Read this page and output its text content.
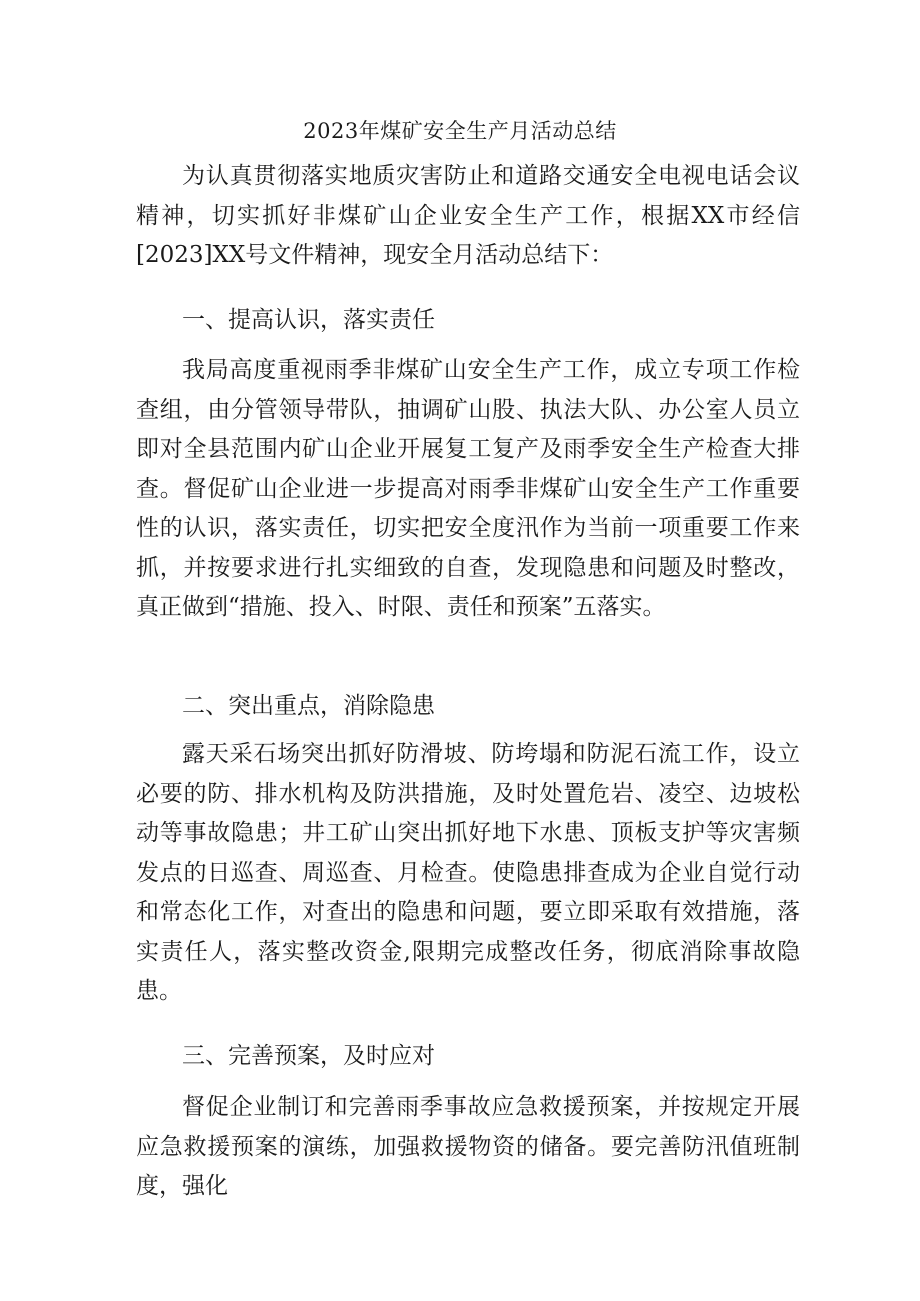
2023年煤矿安全生产月活动总结

为认真贯彻落实地质灾害防止和道路交通安全电视电话会议精神，切实抓好非煤矿山企业安全生产工作，根据XX市经信[2023]XX号文件精神，现安全月活动总结下：

一、提高认识，落实责任

我局高度重视雨季非煤矿山安全生产工作，成立专项工作检查组，由分管领导带队，抽调矿山股、执法大队、办公室人员立即对全县范围内矿山企业开展复工复产及雨季安全生产检查大排查。督促矿山企业进一步提高对雨季非煤矿山安全生产工作重要性的认识，落实责任，切实把安全度汛作为当前一项重要工作来抓，并按要求进行扎实细致的自查，发现隐患和问题及时整改，真正做到“措施、投入、时限、责任和预案”五落实。

二、突出重点，消除隐患

露天采石场突出抓好防滑坡、防垮塌和防泥石流工作，设立必要的防、排水机构及防洪措施，及时处置危岩、凌空、边坡松动等事故隐患；井工矿山突出抓好地下水患、顶板支护等灾害频发点的日巡查、周巡查、月检查。使隐患排查成为企业自觉行动和常态化工作，对查出的隐患和问题，要立即采取有效措施，落实责任人，落实整改资金,限期完成整改任务，彻底消除事故隐患。

三、完善预案，及时应对

督促企业制订和完善雨季事故应急救援预案，并按规定开展应急救援预案的演练，加强救援物资的储备。要完善防汛值班制度，强化
